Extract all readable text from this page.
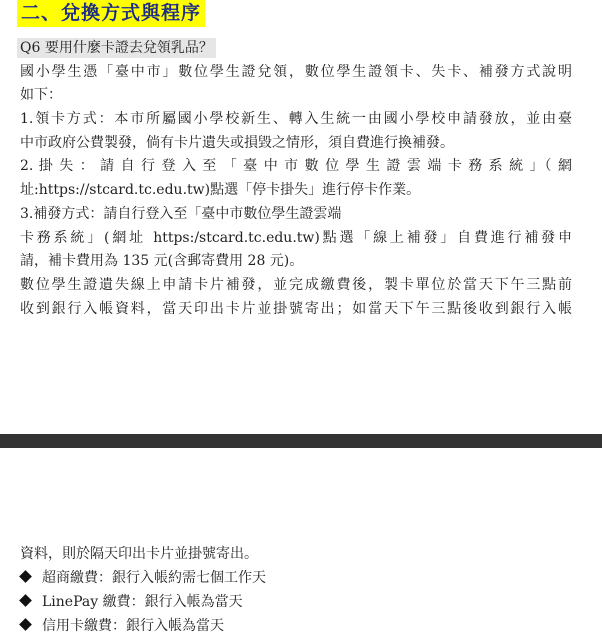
二、兌換方式與程序
Q6 要用什麼卡證去兌領乳品？
國小學生憑「臺中市」數位學生證兌領，數位學生證領卡、失卡、補發方式說明
如下：
1.領卡方式：本市所屬國小學校新生、轉入生統一由國小學校申請發放，並由臺
中市政府公費製發，倘有卡片遺失或損毀之情形，須自費進行換補發。
2. 掛 失 ： 請 自 行 登 入 至 「 臺 中 市 數 位 學 生 證 雲 端 卡 務 系 統 」（ 網
址:https://stcard.tc.edu.tw)點選「停卡掛失」進行停卡作業。
3.補發方式：請自行登入至「臺中市數位學生證雲端
卡務系統」(網址 https:/stcard.tc.edu.tw)點選「線上補發」自費進行補發申
請，補卡費用為 135 元(含郵寄費用 28 元)。
數位學生證遺失線上申請卡片補發，並完成繳費後，製卡單位於當天下午三點前
收到銀行入帳資料，當天印出卡片並掛號寄出；如當天下午三點後收到銀行入帳
資料，則於隔天印出卡片並掛號寄出。
超商繳費：銀行入帳約需七個工作天
LinePay 繳費：銀行入帳為當天
信用卡繳費：銀行入帳為當天
